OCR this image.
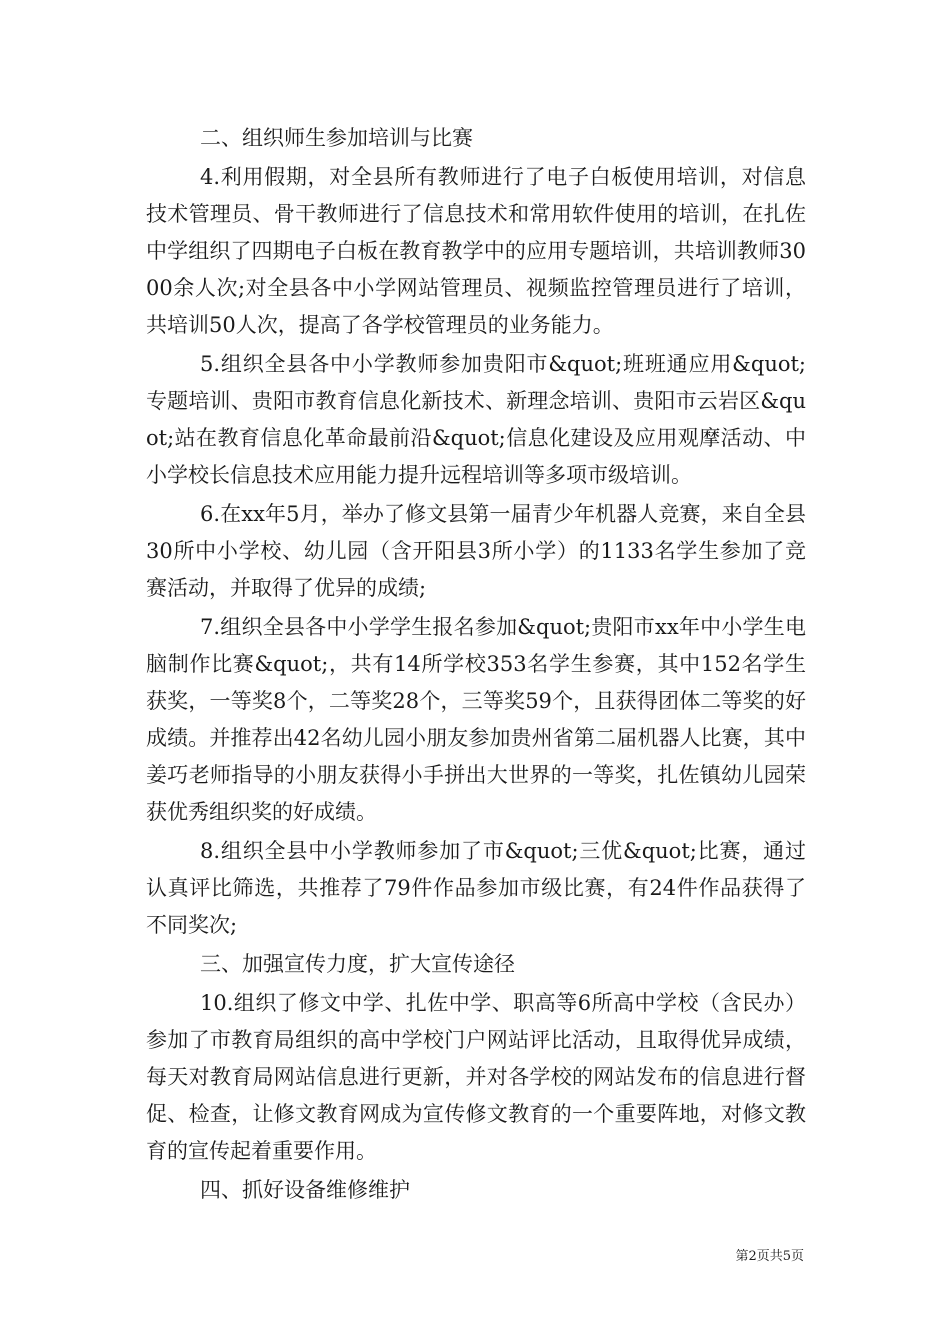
二、组织师生参加培训与比赛

4.利用假期，对全县所有教师进行了电子白板使用培训，对信息技术管理员、骨干教师进行了信息技术和常用软件使用的培训，在扎佐中学组织了四期电子白板在教育教学中的应用专题培训，共培训教师3000余人次;对全县各中小学网站管理员、视频监控管理员进行了培训，共培训50人次，提高了各学校管理员的业务能力。

5.组织全县各中小学教师参加贵阳市&quot;班班通应用&quot;专题培训、贵阳市教育信息化新技术、新理念培训、贵阳市云岩区&quot;站在教育信息化革命最前沿&quot;信息化建设及应用观摩活动、中小学校长信息技术应用能力提升远程培训等多项市级培训。

6.在xx年5月，举办了修文县第一届青少年机器人竞赛，来自全县30所中小学校、幼儿园（含开阳县3所小学）的1133名学生参加了竞赛活动，并取得了优异的成绩;

7.组织全县各中小学学生报名参加&quot;贵阳市xx年中小学生电脑制作比赛&quot;，共有14所学校353名学生参赛，其中152名学生获奖，一等奖8个，二等奖28个，三等奖59个，且获得团体二等奖的好成绩。并推荐出42名幼儿园小朋友参加贵州省第二届机器人比赛，其中姜巧老师指导的小朋友获得小手拼出大世界的一等奖，扎佐镇幼儿园荣获优秀组织奖的好成绩。

8.组织全县中小学教师参加了市&quot;三优&quot;比赛，通过认真评比筛选，共推荐了79件作品参加市级比赛，有24件作品获得了不同奖次;

三、加强宣传力度，扩大宣传途径

10.组织了修文中学、扎佐中学、职高等6所高中学校（含民办）参加了市教育局组织的高中学校门户网站评比活动，且取得优异成绩，每天对教育局网站信息进行更新，并对各学校的网站发布的信息进行督促、检查，让修文教育网成为宣传修文教育的一个重要阵地，对修文教育的宣传起着重要作用。

四、抓好设备维修维护

第2页共5页
